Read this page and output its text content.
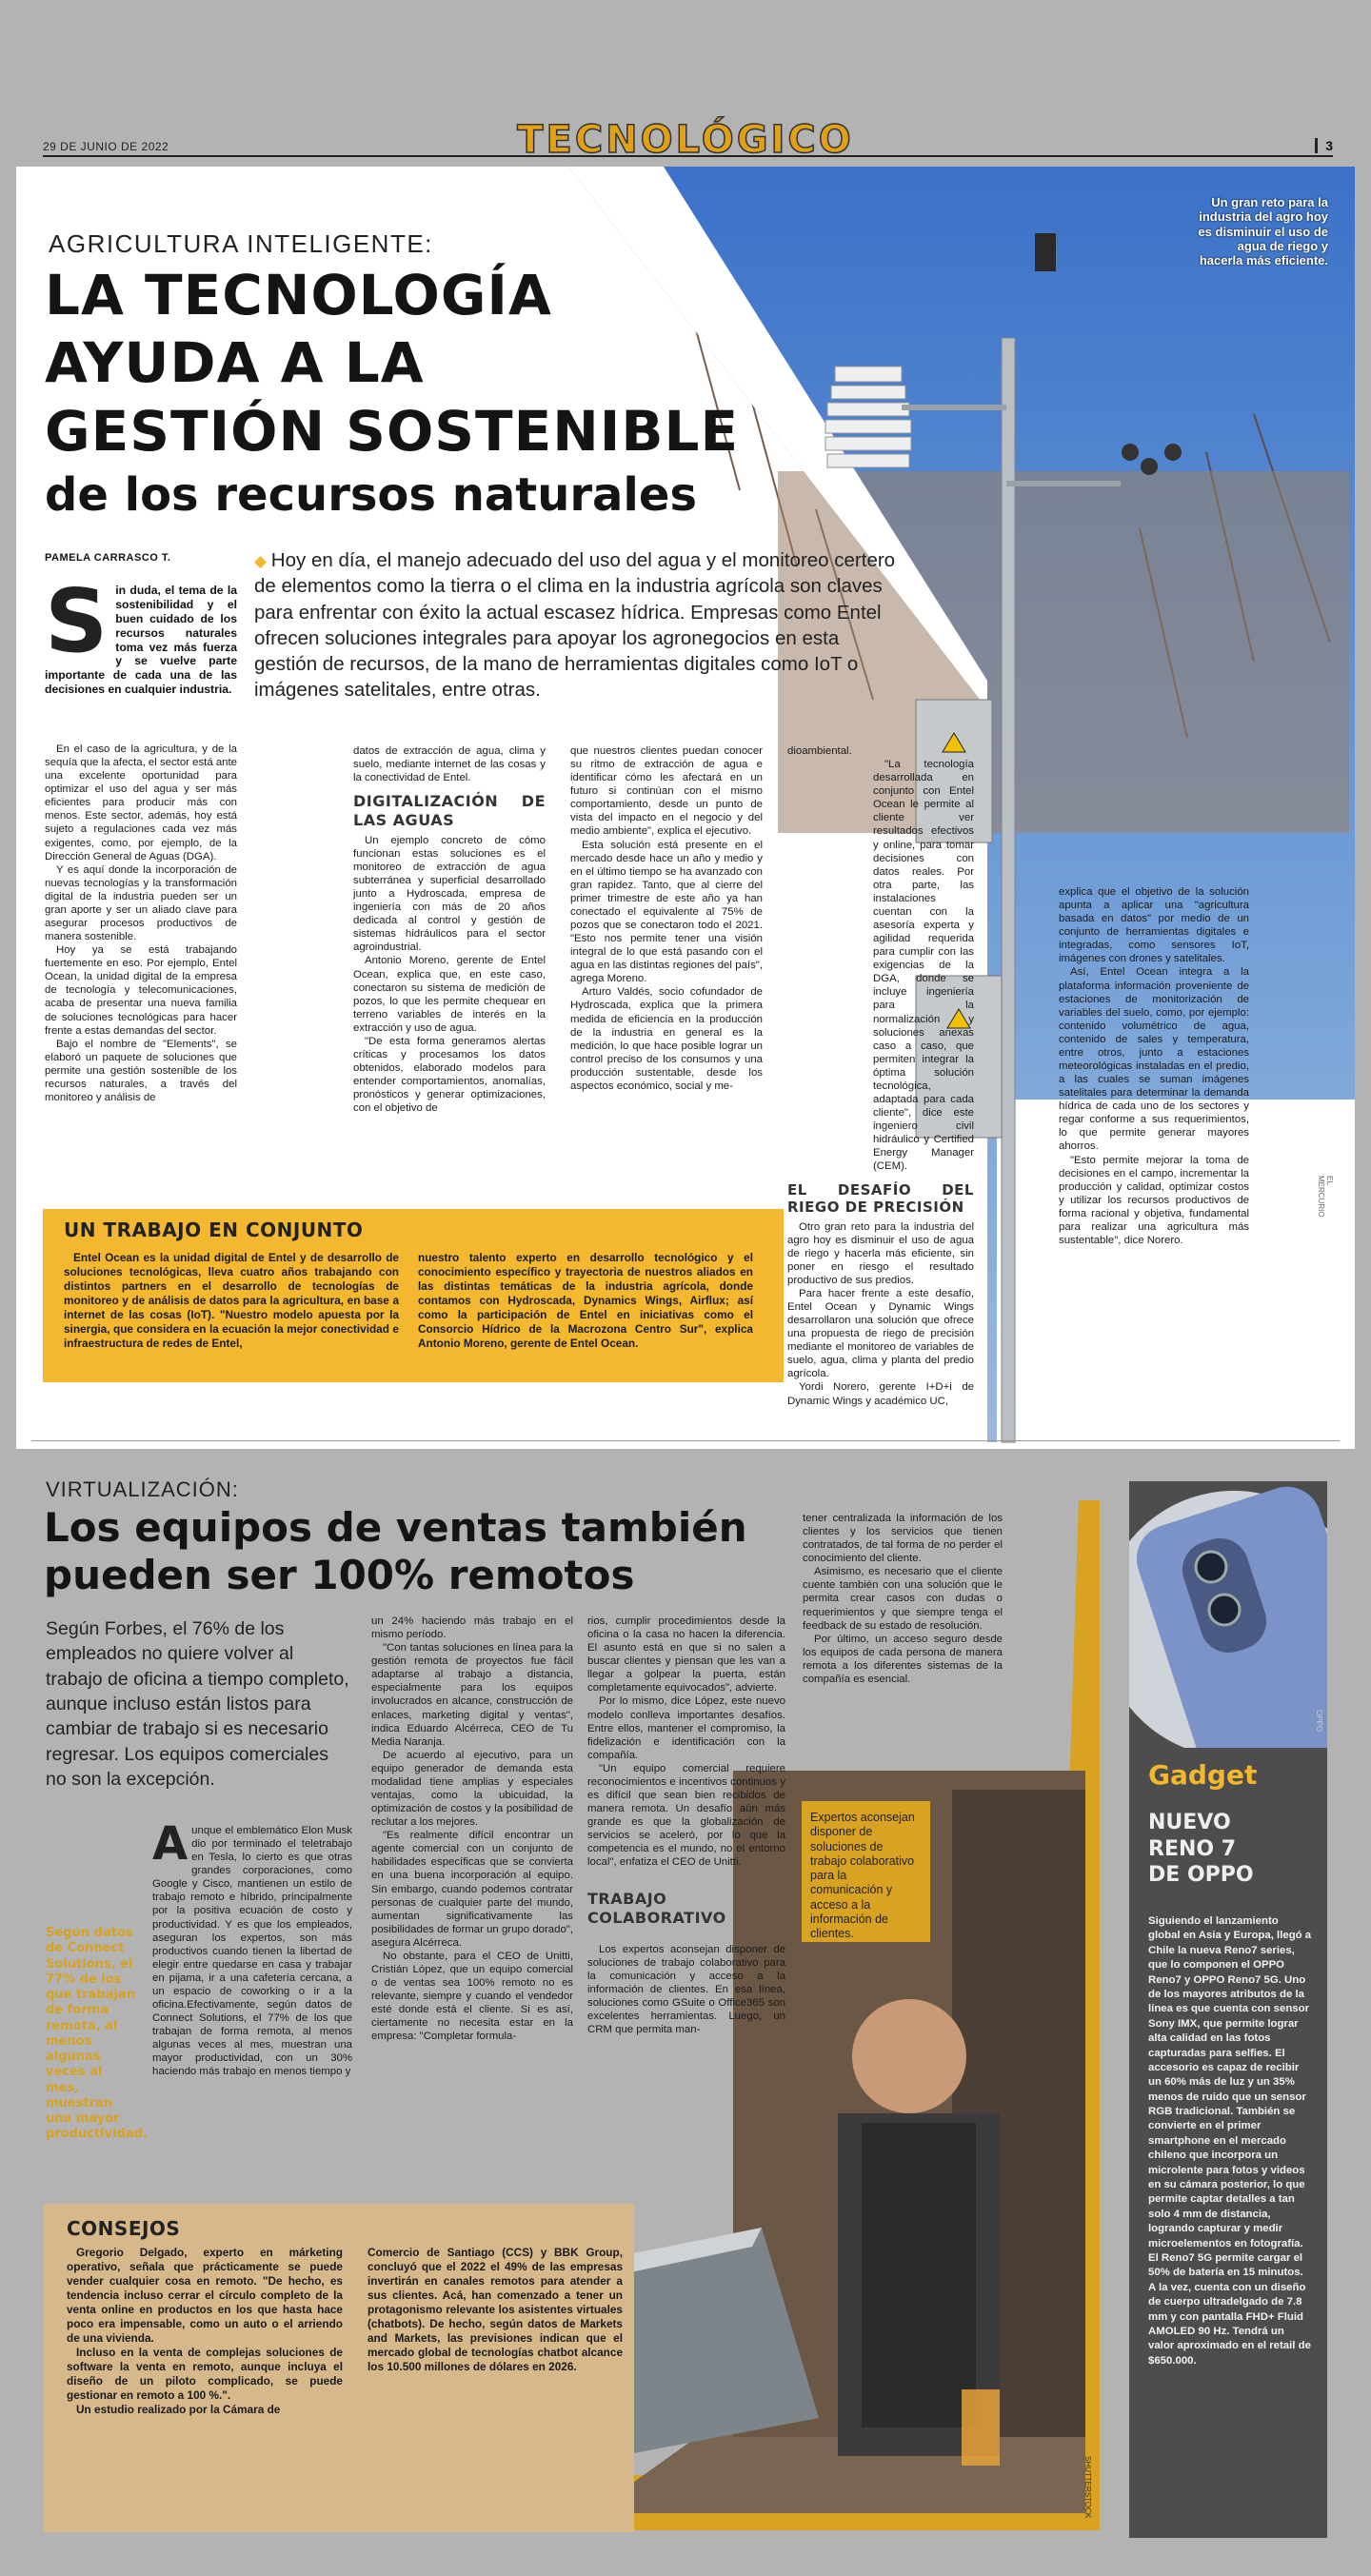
29 DE JUNIO DE 2022	3
TECNOLÓGICO
Un gran reto para la industria del agro hoy es disminuir el uso de agua de riego y hacerla más eficiente.
EL MERCURIO
AGRICULTURA INTELIGENTE:
LA TECNOLOGÍA
AYUDA A LA
GESTIÓN SOSTENIBLE
de los recursos naturales
PAMELA CARRASCO T.	◆ Hoy en día, el manejo adecuado del uso del agua y el monitoreo certero de elementos como la tierra o el clima en la industria agrícola son claves para enfrentar con éxito la actual escasez hídrica. Empresas como Entel ofrecen soluciones integrales para apoyar los agronegocios en esta gestión de recursos, de la mano de herramientas digitales como IoT o imágenes satelitales, entre otras.
S in duda, el tema de la sostenibilidad y el buen cuidado de los recursos naturales toma vez más fuerza y se vuelve parte importante de cada una de las decisiones en cualquier industria.

En el caso de la agricultura, y de la sequía que la afecta, el sector está ante una excelente oportunidad para optimizar el uso del agua y ser más eficientes para producir más con menos. Este sector, además, hoy está sujeto a regulaciones cada vez más exigentes, como, por ejemplo, de la Dirección General de Aguas (DGA).

Y es aquí donde la incorporación de nuevas tecnologías y la transformación digital de la industria pueden ser un gran aporte y ser un aliado clave para asegurar procesos productivos de manera sostenible.

Hoy ya se está trabajando fuertemente en eso. Por ejemplo, Entel Ocean, la unidad digital de la empresa de tecnología y telecomunicaciones, acaba de presentar una nueva familia de soluciones tecnológicas para hacer frente a estas demandas del sector.

Bajo el nombre de "Elements", se elaboró un paquete de soluciones que permite una gestión sostenible de los recursos naturales, a través del monitoreo y análisis de

datos de extracción de agua, clima y suelo, mediante internet de las cosas y la conectividad de Entel.
DIGITALIZACIÓN DE LAS AGUAS

Un ejemplo concreto de cómo funcionan estas soluciones es el monitoreo de extracción de agua subterránea y superficial desarrollado junto a Hydroscada, empresa de ingeniería con más de 20 años dedicada al control y gestión de sistemas hidráulicos para el sector agroindustrial.

Antonio Moreno, gerente de Entel Ocean, explica que, en este caso, conectaron su sistema de medición de pozos, lo que les permite chequear en terreno variables de interés en la extracción y uso de agua.

"De esta forma generamos alertas críticas y procesamos los datos obtenidos, elaborado modelos para entender comportamientos, anomalías, pronósticos y generar optimizaciones, con el objetivo de

que nuestros clientes puedan conocer su ritmo de extracción de agua e identificar cómo les afectará en un futuro si continúan con el mismo comportamiento, desde un punto de vista del impacto en el negocio y del medio ambiente", explica el ejecutivo.

Esta solución está presente en el mercado desde hace un año y medio y en el último tiempo se ha avanzado con gran rapidez. Tanto, que al cierre del primer trimestre de este año ya han conectado el equivalente al 75% de pozos que se conectaron todo el 2021. "Esto nos permite tener una visión integral de lo que está pasando con el agua en las distintas regiones del país", agrega Moreno.

Arturo Valdés, socio cofundador de Hydroscada, explica que la primera medida de eficiencia en la producción de la industria en general es la medición, lo que hace posible lograr un control preciso de los consumos y una producción sustentable, desde los aspectos económico, social y me-

dioambiental.

"La tecnología desarrollada en conjunto con Entel Ocean le permite al cliente ver resultados efectivos y online, para tomar decisiones con datos reales. Por otra parte, las instalaciones cuentan con la asesoría experta y agilidad requerida para cumplir con las exigencias de la DGA, donde se incluye ingeniería para la normalización y soluciones anexas caso a caso, que permiten integrar la óptima solución tecnológica, adaptada para cada cliente", dice este ingeniero civil hidráulico y Certified Energy Manager (CEM).

EL DESAFÍO DEL RIEGO DE PRECISIÓN

Otro gran reto para la industria del agro hoy es disminuir el uso de agua de riego y hacerla más eficiente, sin poner en riesgo el resultado productivo de sus predios.

Para hacer frente a este desafío, Entel Ocean y Dynamic Wings desarrollaron una solución que ofrece una propuesta de riego de precisión mediante el monitoreo de variables de suelo, agua, clima y planta del predio agrícola.

Yordi Norero, gerente I+D+i de Dynamic Wings y académico UC,

explica que el objetivo de la solución apunta a aplicar una "agricultura basada en datos" por medio de un conjunto de herramientas digitales e integradas, como sensores IoT, imágenes con drones y satelitales.

Así, Entel Ocean integra a la plataforma información proveniente de estaciones de monitorización de variables del suelo, como, por ejemplo: contenido volumétrico de agua, contenido de sales y temperatura, entre otros, junto a estaciones meteorológicas instaladas en el predio, a las cuales se suman imágenes satelitales para determinar la demanda hídrica de cada uno de los sectores y regar conforme a sus requerimientos, lo que permite generar mayores ahorros.

"Esto permite mejorar la toma de decisiones en el campo, incrementar la producción y calidad, optimizar costos y utilizar los recursos productivos de forma racional y objetiva, fundamental para realizar una agricultura más sustentable", dice Norero.

UN TRABAJO EN CONJUNTO

Entel Ocean es la unidad digital de Entel y de desarrollo de soluciones tecnológicas, lleva cuatro años trabajando con distintos partners en el desarrollo de tecnologías de monitoreo y de análisis de datos para la agricultura, en base a internet de las cosas (IoT). "Nuestro modelo apuesta por la sinergia, que considera en la ecuación la mejor conectividad e infraestructura de redes de Entel,

nuestro talento experto en desarrollo tecnológico y el conocimiento específico y trayectoria de nuestros aliados en las distintas temáticas de la industria agrícola, donde contamos con Hydroscada, Dynamics Wings, Airflux; así como la participación de Entel en iniciativas como el Consorcio Hídrico de la Macrozona Centro Sur", explica Antonio Moreno, gerente de Entel Ocean.

SHUTTERSTOCK
VIRTUALIZACIÓN:
Los equipos de ventas también
pueden ser 100% remotos
Según Forbes, el 76% de los empleados no quiere volver al trabajo de oficina a tiempo completo, aunque incluso están listos para cambiar de trabajo si es necesario regresar. Los equipos comerciales no son la excepción.
Según datos de Connect Solutions, el 77% de los que trabajan de forma remota, al menos algunas veces al mes, muestran una mayor productividad.
A unque el emblemático Elon Musk dio por terminado el teletrabajo en Tesla, lo cierto es que otras grandes corporaciones, como Google y Cisco, mantienen un estilo de trabajo remoto e híbrido, principalmente por la positiva ecuación de costo y productividad. Y es que los empleados, aseguran los expertos, son más productivos cuando tienen la libertad de elegir entre quedarse en casa y trabajar en pijama, ir a una cafetería cercana, a un espacio de coworking o ir a la oficina.Efectivamente, según datos de Connect Solutions, el 77% de los que trabajan de forma remota, al menos algunas veces al mes, muestran una mayor productividad, con un 30% haciendo más trabajo en menos tiempo y
un 24% haciendo más trabajo en el mismo período.

"Con tantas soluciones en línea para la gestión remota de proyectos fue fácil adaptarse al trabajo a distancia, especialmente para los equipos involucrados en alcance, construcción de enlaces, marketing digital y ventas", indica Eduardo Alcérreca, CEO de Tu Media Naranja.

De acuerdo al ejecutivo, para un equipo generador de demanda esta modalidad tiene amplias y especiales ventajas, como la ubicuidad, la optimización de costos y la posibilidad de reclutar a los mejores.

"Es realmente difícil encontrar un agente comercial con un conjunto de habilidades específicas que se convierta en una buena incorporación al equipo. Sin embargo, cuando podemos contratar personas de cualquier parte del mundo, aumentan significativamente las posibilidades de formar un grupo dorado", asegura Alcérreca.

No obstante, para el CEO de Unitti, Cristián López, que un equipo comercial o de ventas sea 100% remoto no es relevante, siempre y cuando el vendedor esté donde está el cliente. Si es así, ciertamente no necesita estar en la empresa: "Completar formula-

rios, cumplir procedimientos desde la oficina o la casa no hacen la diferencia. El asunto está en que si no salen a buscar clientes y piensan que les van a llegar a golpear la puerta, están completamente equivocados", advierte.

Por lo mismo, dice López, este nuevo modelo conlleva importantes desafíos. Entre ellos, mantener el compromiso, la fidelización e identificación con la compañía.

"Un equipo comercial requiere reconocimientos e incentivos continuos y es difícil que sean bien recibidos de manera remota. Un desafío aún más grande es que la globalización de servicios se aceleró, por lo que la competencia es el mundo, no el entorno local", enfatiza el CEO de Unitti.

TRABAJO COLABORATIVO

Los expertos aconsejan disponer de soluciones de trabajo colaborativo para la comunicación y acceso a la información de clientes. En esa línea, soluciones como GSuite o Office365 son excelentes herramientas. Luego, un CRM que permita man-

tener centralizada la información de los clientes y los servicios que tienen contratados, de tal forma de no perder el conocimiento del cliente.

Asimismo, es necesario que el cliente cuente también con una solución que le permita crear casos con dudas o requerimientos y que siempre tenga el feedback de su estado de resolución.

Por último, un acceso seguro desde los equipos de cada persona de manera remota a los diferentes sistemas de la compañía es esencial.

Expertos aconsejan disponer de soluciones de trabajo colaborativo para la comunicación y acceso a la información de clientes.
CONSEJOS

Gregorio Delgado, experto en márketing operativo, señala que prácticamente se puede vender cualquier cosa en remoto. "De hecho, es tendencia incluso cerrar el círculo completo de la venta online en productos en los que hasta hace poco era impensable, como un auto o el arriendo de una vivienda.

Incluso en la venta de complejas soluciones de software la venta en remoto, aunque incluya el diseño de un piloto complicado, se puede gestionar en remoto a 100 %.".

Un estudio realizado por la Cámara de

Comercio de Santiago (CCS) y BBK Group, concluyó que el 2022 el 49% de las empresas invertirán en canales remotos para atender a sus clientes. Acá, han comenzado a tener un protagonismo relevante los asistentes virtuales (chatbots). De hecho, según datos de Markets and Markets, las previsiones indican que el mercado global de tecnologías chatbot alcance los 10.500 millones de dólares en 2026.
OPPO
Gadget
NUEVO
RENO 7
DE OPPO
Siguiendo el lanzamiento global en Asia y Europa, llegó a Chile la nueva Reno7 series, que lo componen el OPPO Reno7 y OPPO Reno7 5G. Uno de los mayores atributos de la línea es que cuenta con sensor Sony IMX, que permite lograr alta calidad en las fotos capturadas para selfies. El accesorio es capaz de recibir un 60% más de luz y un 35% menos de ruido que un sensor RGB tradicional. También se convierte en el primer smartphone en el mercado chileno que incorpora un microlente para fotos y videos en su cámara posterior, lo que permite captar detalles a tan solo 4 mm de distancia, logrando capturar y medir microelementos en fotografía. El Reno7 5G permite cargar el 50% de batería en 15 minutos. A la vez, cuenta con un diseño de cuerpo ultradelgado de 7.8 mm y con pantalla FHD+ Fluid AMOLED 90 Hz. Tendrá un valor aproximado en el retail de $650.000.
